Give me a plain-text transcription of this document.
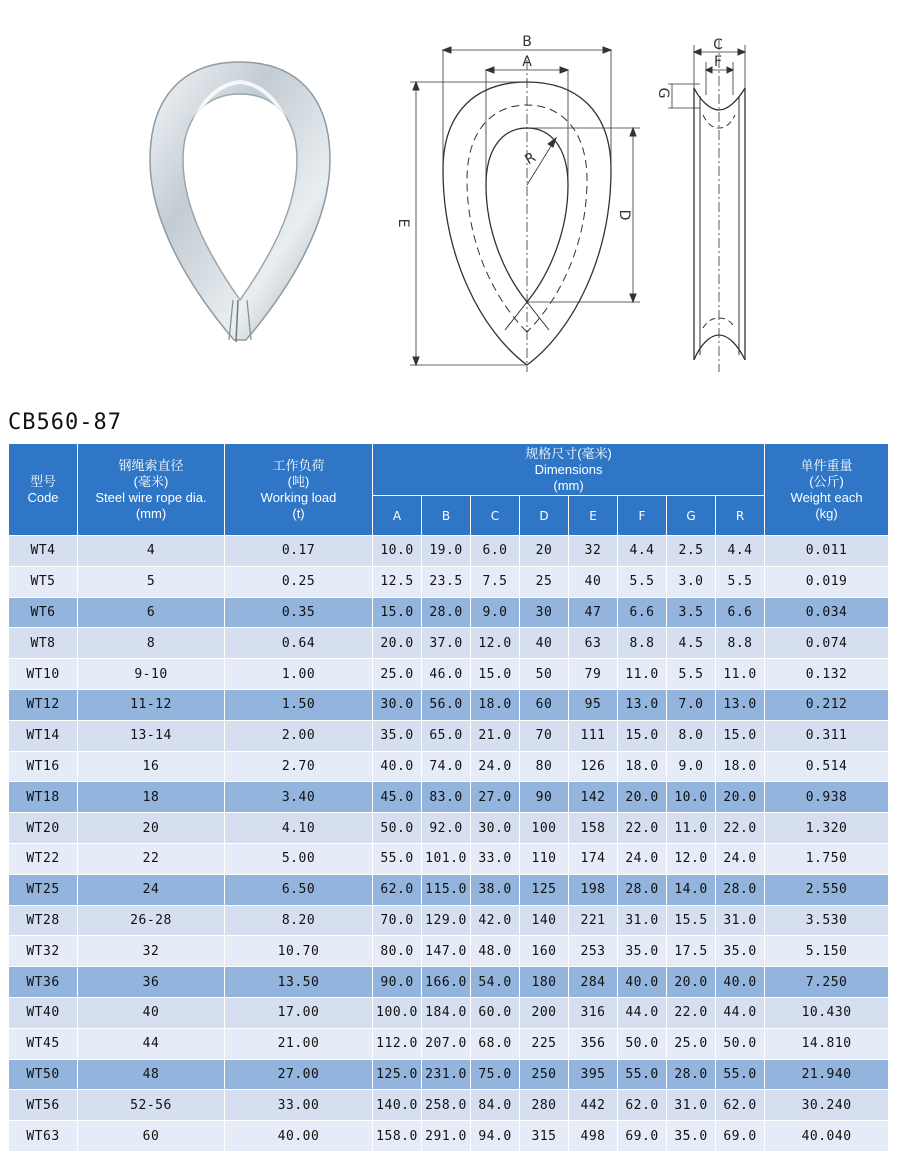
B
A
E
D
R
C
F
G
CB560-87
型号
Code	钢绳索直径
(毫米)
Steel wire rope dia.
(mm)	工作负荷
(吨)
Working load
(t)	规格尺寸(毫米)
Dimensions
(mm)								单件重量
(公斤)
Weight each
(kg)

			A	B	C	D	E	F	G	R	
WT4	4	0.17	10.0	19.0	6.0	20	32	4.4	2.5	4.4	0.011
WT5	5	0.25	12.5	23.5	7.5	25	40	5.5	3.0	5.5	0.019
WT6	6	0.35	15.0	28.0	9.0	30	47	6.6	3.5	6.6	0.034
WT8	8	0.64	20.0	37.0	12.0	40	63	8.8	4.5	8.8	0.074
WT10	9-10	1.00	25.0	46.0	15.0	50	79	11.0	5.5	11.0	0.132
WT12	11-12	1.50	30.0	56.0	18.0	60	95	13.0	7.0	13.0	0.212
WT14	13-14	2.00	35.0	65.0	21.0	70	111	15.0	8.0	15.0	0.311
WT16	16	2.70	40.0	74.0	24.0	80	126	18.0	9.0	18.0	0.514
WT18	18	3.40	45.0	83.0	27.0	90	142	20.0	10.0	20.0	0.938
WT20	20	4.10	50.0	92.0	30.0	100	158	22.0	11.0	22.0	1.320
WT22	22	5.00	55.0	101.0	33.0	110	174	24.0	12.0	24.0	1.750
WT25	24	6.50	62.0	115.0	38.0	125	198	28.0	14.0	28.0	2.550
WT28	26-28	8.20	70.0	129.0	42.0	140	221	31.0	15.5	31.0	3.530
WT32	32	10.70	80.0	147.0	48.0	160	253	35.0	17.5	35.0	5.150
WT36	36	13.50	90.0	166.0	54.0	180	284	40.0	20.0	40.0	7.250
WT40	40	17.00	100.0	184.0	60.0	200	316	44.0	22.0	44.0	10.430
WT45	44	21.00	112.0	207.0	68.0	225	356	50.0	25.0	50.0	14.810
WT50	48	27.00	125.0	231.0	75.0	250	395	55.0	28.0	55.0	21.940
WT56	52-56	33.00	140.0	258.0	84.0	280	442	62.0	31.0	62.0	30.240
WT63	60	40.00	158.0	291.0	94.0	315	498	69.0	35.0	69.0	40.040
